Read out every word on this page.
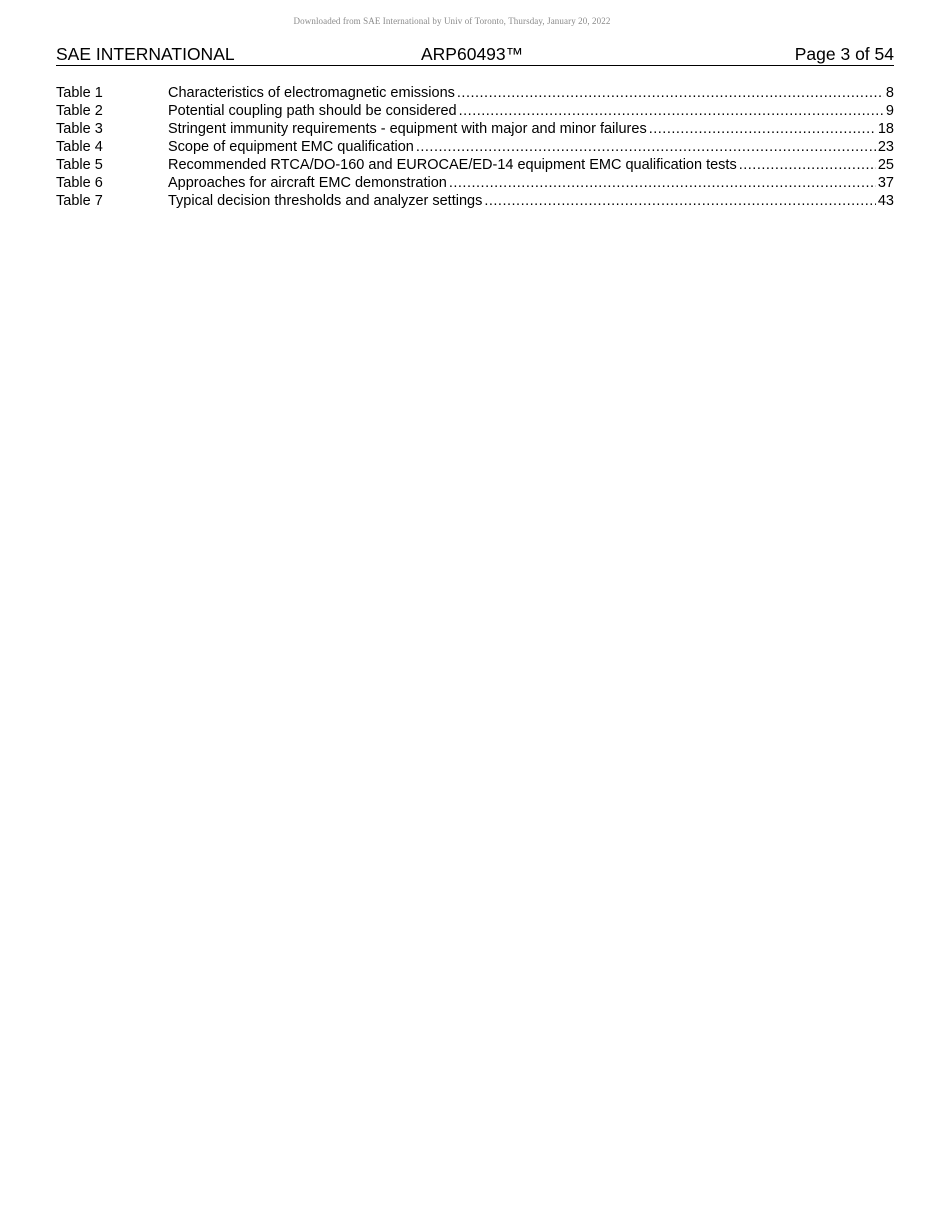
Downloaded from SAE International by Univ of Toronto, Thursday, January 20, 2022
SAE INTERNATIONAL	ARP60493™	Page 3 of 54
Table 1	Characteristics of electromagnetic emissions .....	8
Table 2	Potential coupling path should be considered .....	9
Table 3	Stringent immunity requirements - equipment with major and minor failures .....	18
Table 4	Scope of equipment EMC qualification .....	23
Table 5	Recommended RTCA/DO-160 and EUROCAE/ED-14 equipment EMC qualification tests .....	25
Table 6	Approaches for aircraft EMC demonstration .....	37
Table 7	Typical decision thresholds and analyzer settings .....	43
